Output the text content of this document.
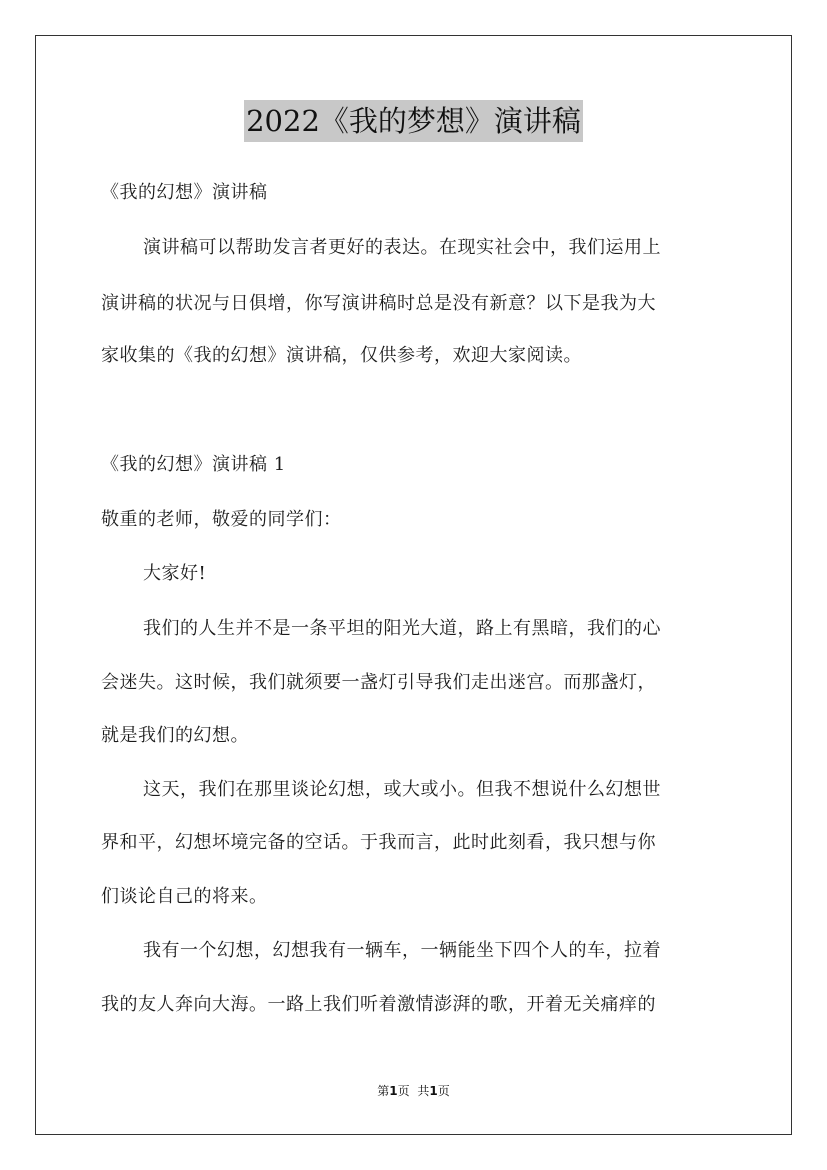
2022《我的梦想》演讲稿
《我的幻想》演讲稿
演讲稿可以帮助发言者更好的表达。在现实社会中，我们运用上
演讲稿的状况与日俱增，你写演讲稿时总是没有新意？以下是我为大
家收集的《我的幻想》演讲稿，仅供参考，欢迎大家阅读。
《我的幻想》演讲稿 1
敬重的老师，敬爱的同学们：
大家好!
我们的人生并不是一条平坦的阳光大道，路上有黑暗，我们的心
会迷失。这时候，我们就须要一盏灯引导我们走出迷宫。而那盏灯，
就是我们的幻想。
这天，我们在那里谈论幻想，或大或小。但我不想说什么幻想世
界和平，幻想坏境完备的空话。于我而言，此时此刻看，我只想与你
们谈论自己的将来。
我有一个幻想，幻想我有一辆车，一辆能坐下四个人的车，拉着
我的友人奔向大海。一路上我们听着激情澎湃的歌，开着无关痛痒的
第1页 共1页
